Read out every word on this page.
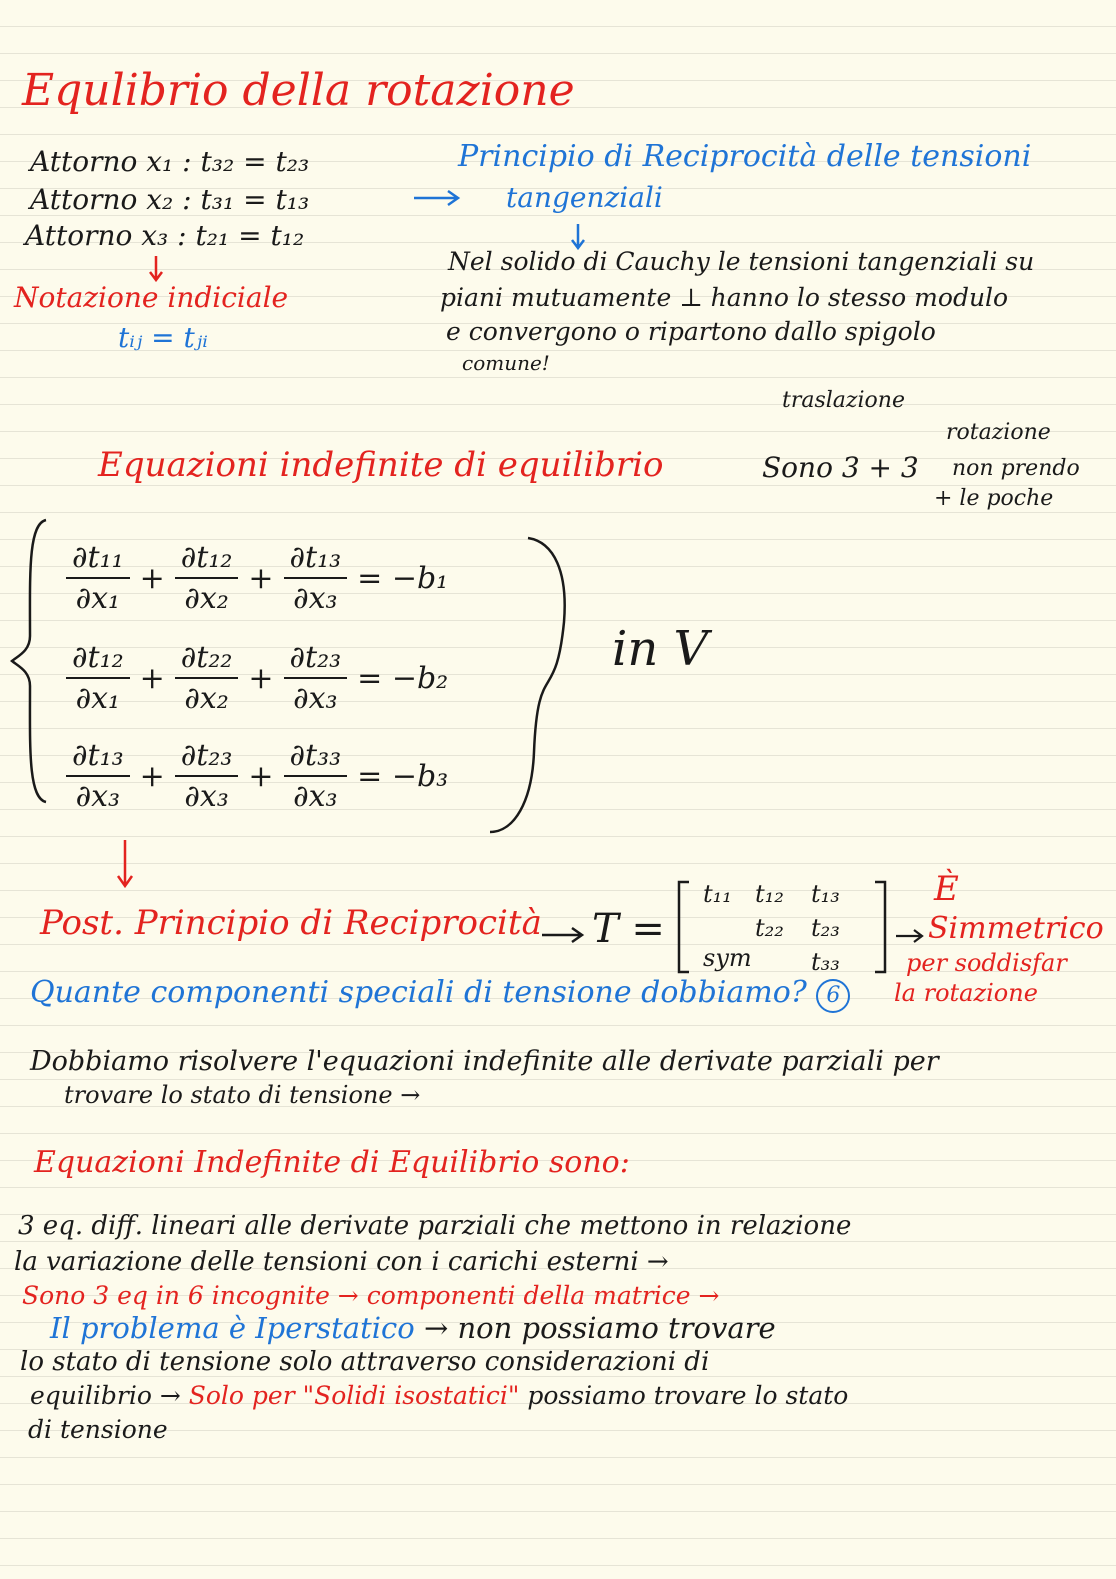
Equlibrio della rotazione
Attorno x₁ : t₃₂ = t₂₃
Attorno x₂ : t₃₁ = t₁₃
Attorno x₃ : t₂₁ = t₁₂
Notazione indiciale
tᵢⱼ = tⱼᵢ
Principio di Reciprocità delle tensioni
tangenziali
Nel solido di Cauchy le tensioni tangenziali su
piani mutuamente ⊥ hanno lo stesso modulo
e convergono o ripartono dallo spigolo
comune!
traslazione
rotazione
Sono 3 + 3 non prendo
+ le poche
Equazioni indefinite di equilibrio
$\frac{\text{∂t₁₁}}{\text{∂x₁}} + \frac{\text{∂t₁₂}}{\text{∂x₂}} + \frac{\text{∂t₁₃}}{\text{∂x₃}} = -b_1$
$\frac{\text{∂t₁₂}}{\text{∂x₁}} + \frac{\text{∂t₂₂}}{\text{∂x₂}} + \frac{\text{∂t₂₃}}{\text{∂x₃}} = -b_2$
$\frac{\text{∂t₁₃}}{\text{∂x₃}} + \frac{\text{∂t₂₃}}{\text{∂x₃}} + \frac{\text{∂t₃₃}}{\text{∂x₃}} = -b_3$
in V
Post. Principio di Reciprocità T =
t₁₁ t₁₂ t₁₃
t₂₂ t₂₃
sym t₃₃
È
Simmetrico
per soddisfar
la rotazione
Quante componenti speciali di tensione dobbiamo? 6
Dobbiamo risolvere l'equazioni indefinite alle derivate parziali per
trovare lo stato di tensione →
Equazioni Indefinite di Equilibrio sono:
3 eq. diff. lineari alle derivate parziali che mettono in relazione
la variazione delle tensioni con i carichi esterni →
Sono 3 eq in 6 incognite → componenti della matrice →
Il problema è Iperstatico → non possiamo trovare
lo stato di tensione solo attraverso considerazioni di
equilibrio → Solo per "Solidi isostatici" possiamo trovare lo stato
di tensione
